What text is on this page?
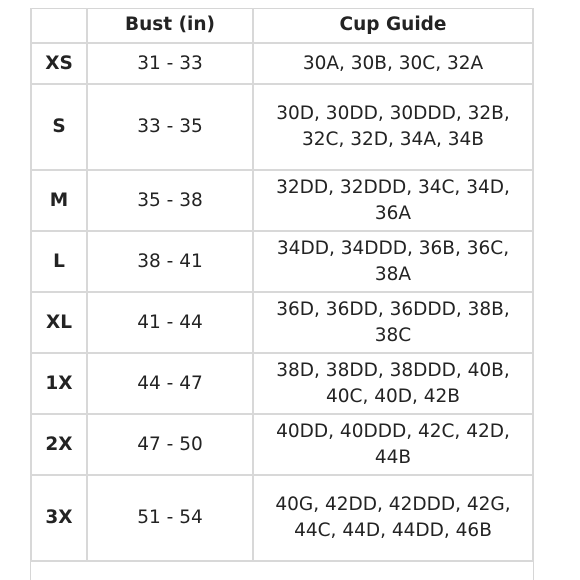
	Bust (in)	Cup Guide
XS	31 - 33	30A, 30B, 30C, 32A
S	33 - 35	30D, 30DD, 30DDD, 32B, 32C, 32D, 34A, 34B
M	35 - 38	32DD, 32DDD, 34C, 34D, 36A
L	38 - 41	34DD, 34DDD, 36B, 36C, 38A
XL	41 - 44	36D, 36DD, 36DDD, 38B, 38C
1X	44 - 47	38D, 38DD, 38DDD, 40B, 40C, 40D, 42B
2X	47 - 50	40DD, 40DDD, 42C, 42D, 44B
3X	51 - 54	40G, 42DD, 42DDD, 42G, 44C, 44D, 44DD, 46B
